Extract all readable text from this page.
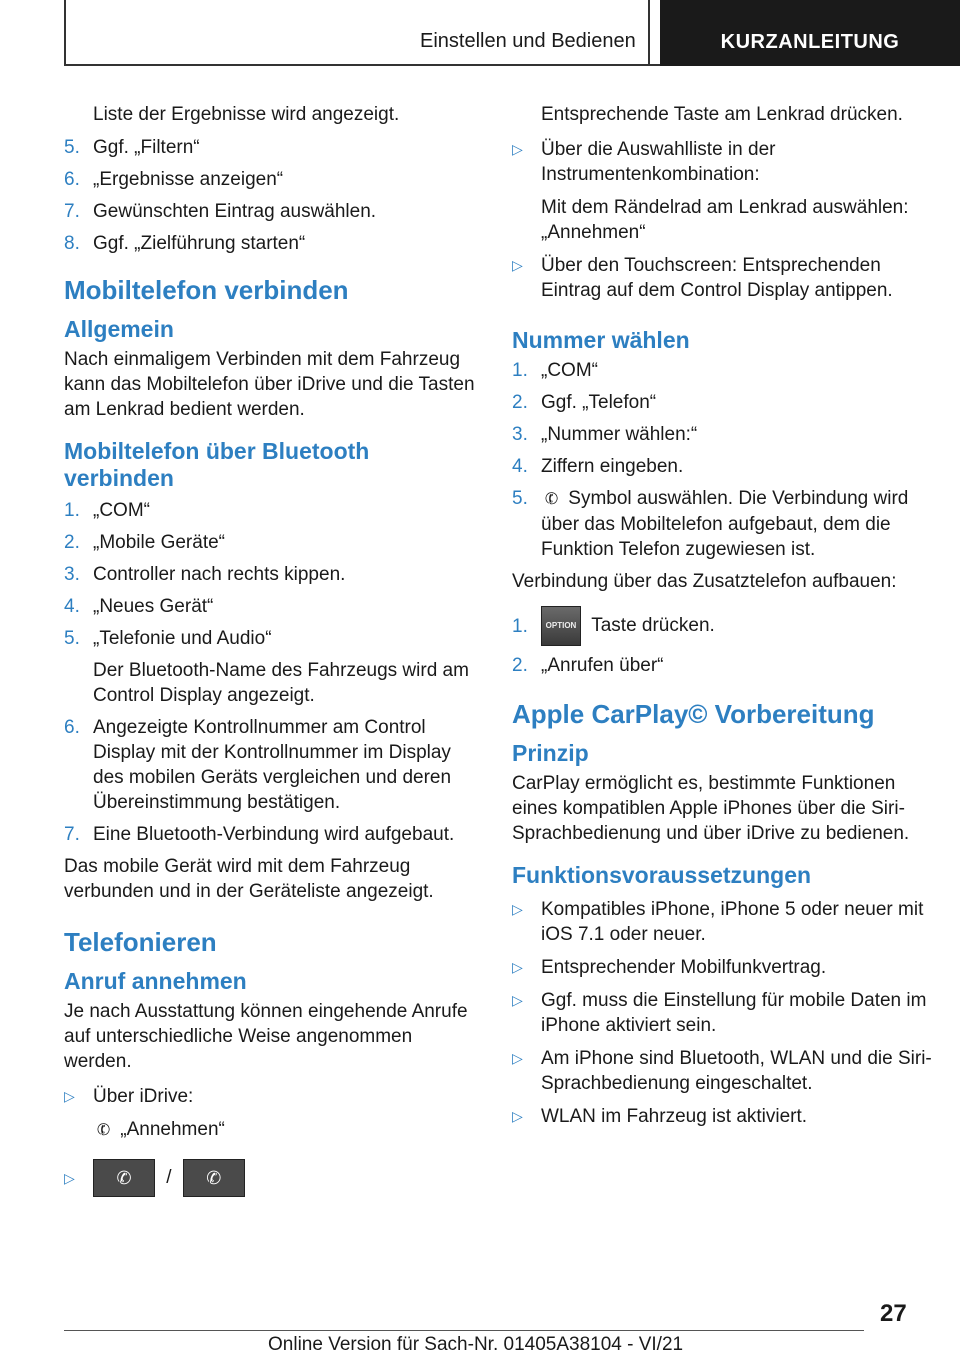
Einstellen und Bedienen	KURZANLEITUNG

Liste der Ergebnisse wird angezeigt.

5. Ggf. „Filtern“
6. „Ergebnisse anzeigen“
7. Gewünschten Eintrag auswählen.
8. Ggf. „Zielführung starten“
Mobiltelefon verbinden
Allgemein

Nach einmaligem Verbinden mit dem Fahrzeug kann das Mobiltelefon über iDrive und die Tasten am Lenkrad bedient werden.

Mobiltelefon über Bluetooth verbinden
1. „COM“
2. „Mobile Geräte“
3. Controller nach rechts kippen.
4. „Neues Gerät“
5. „Telefonie und Audio“

Der Bluetooth-Name des Fahrzeugs wird am Control Display angezeigt.

6. Angezeigte Kontrollnummer am Control Display mit der Kontrollnummer im Display des mobilen Geräts vergleichen und deren Übereinstimmung bestätigen.
7. Eine Bluetooth-Verbindung wird aufgebaut.

Das mobile Gerät wird mit dem Fahrzeug verbunden und in der Geräteliste angezeigt.

Telefonieren
Anruf annehmen

Je nach Ausstattung können eingehende Anrufe auf unterschiedliche Weise angenommen werden.

▷ Über iDrive:

✆ „Annehmen“

▷	✆ / ✆

Entsprechende Taste am Lenkrad drücken.

▷ Über die Auswahlliste in der Instrumentenkombination:

Mit dem Rändelrad am Lenkrad auswählen: „Annehmen“

▷ Über den Touchscreen: Entsprechenden Eintrag auf dem Control Display antippen.
Nummer wählen
1. „COM“
2. Ggf. „Telefon“
3. „Nummer wählen:“
4. Ziffern eingeben.
5. ✆ Symbol auswählen. Die Verbindung wird über das Mobiltelefon aufgebaut, dem die Funktion Telefon zugewiesen ist.

Verbindung über das Zusatztelefon aufbauen:

1.	OPTION Taste drücken.
2. „Anrufen über“
Apple CarPlay© Vorbereitung
Prinzip

CarPlay ermöglicht es, bestimmte Funktionen eines kompatiblen Apple iPhones über die Siri-Sprachbedienung und über iDrive zu bedienen.

Funktionsvoraussetzungen
▷ Kompatibles iPhone, iPhone 5 oder neuer mit iOS 7.1 oder neuer.
▷ Entsprechender Mobilfunkvertrag.
▷ Ggf. muss die Einstellung für mobile Daten im iPhone aktiviert sein.
▷ Am iPhone sind Bluetooth, WLAN und die Siri-Sprachbedienung eingeschaltet.
▷ WLAN im Fahrzeug ist aktiviert.
27
Online Version für Sach-Nr. 01405A38104 - VI/21
